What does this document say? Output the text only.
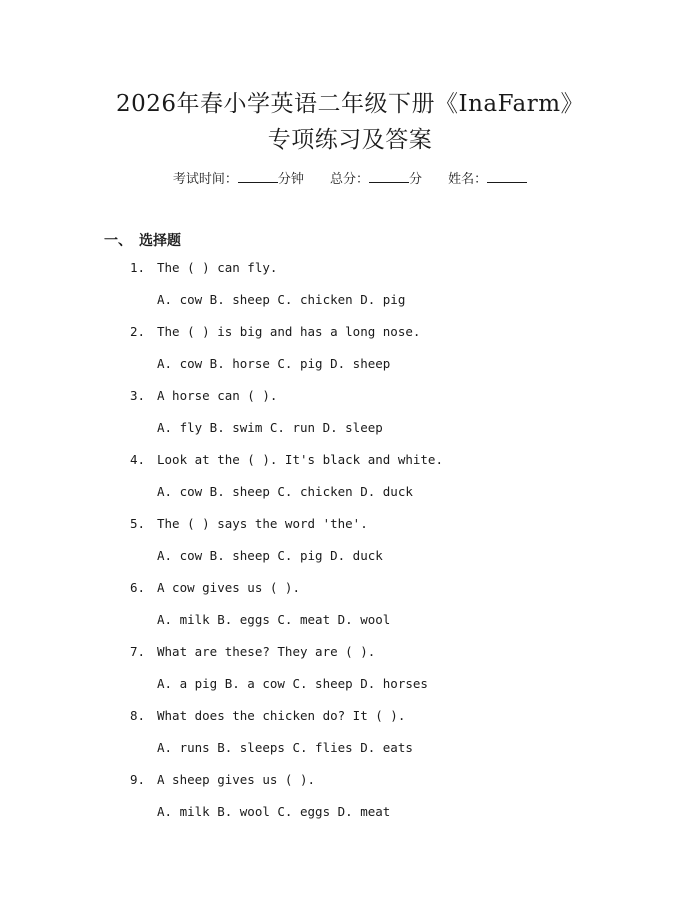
2026年春小学英语二年级下册《InaFarm》
专项练习及答案
考试时间：	分钟 总分：	分 姓名：
一、 选择题
1. The ( ) can fly.
A. cow B. sheep C. chicken D. pig
2. The ( ) is big and has a long nose.
A. cow B. horse C. pig D. sheep
3. A horse can ( ).
A. fly B. swim C. run D. sleep
4. Look at the ( ). It's black and white.
A. cow B. sheep C. chicken D. duck
5. The ( ) says the word 'the'.
A. cow B. sheep C. pig D. duck
6. A cow gives us ( ).
A. milk B. eggs C. meat D. wool
7. What are these? They are ( ).
A. a pig B. a cow C. sheep D. horses
8. What does the chicken do? It ( ).
A. runs B. sleeps C. flies D. eats
9. A sheep gives us ( ).
A. milk B. wool C. eggs D. meat
